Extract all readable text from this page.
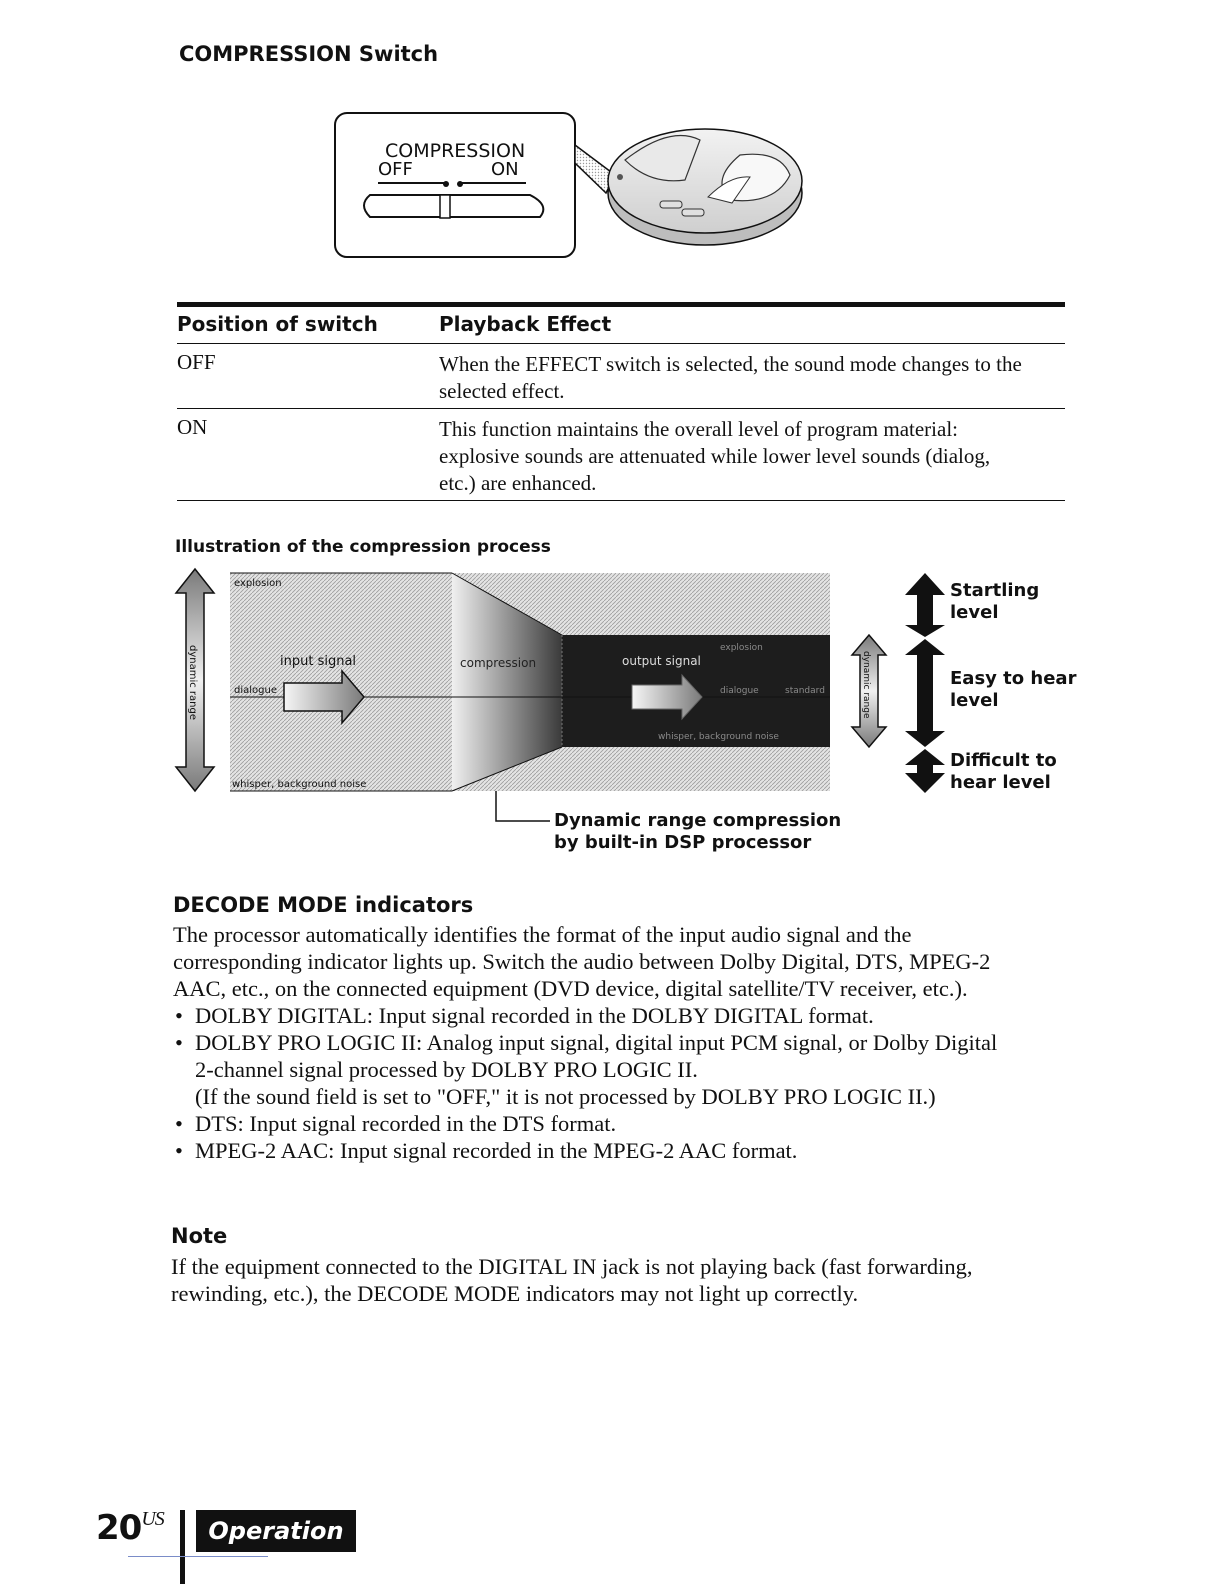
COMPRESSION Switch
COMPRESSION
OFF	ON
Position of switch	Playback Effect
OFF	When the EFFECT switch is selected, the sound mode changes to the
selected effect.
ON	This function maintains the overall level of program material:
explosive sounds are attenuated while lower level sounds (dialog,
etc.) are enhanced.
Illustration of the compression process
dynamic range
explosion
input signal
dialogue
whisper, background noise
compression	output signal
explosion
dialogue	standard
whisper, background noise
dynamic range
Startling
level
Easy to hear
level
Difficult to
hear level
Dynamic range compression
by built-in DSP processor
DECODE MODE indicators
The processor automatically identifies the format of the input audio signal and the
corresponding indicator lights up. Switch the audio between Dolby Digital, DTS, MPEG-2
AAC, etc., on the connected equipment (DVD device, digital satellite/TV receiver, etc.).
• DOLBY DIGITAL: Input signal recorded in the DOLBY DIGITAL format.
• DOLBY PRO LOGIC II: Analog input signal, digital input PCM signal, or Dolby Digital
2-channel signal processed by DOLBY PRO LOGIC II.
(If the sound field is set to "OFF," it is not processed by DOLBY PRO LOGIC II.)
• DTS: Input signal recorded in the DTS format.
• MPEG-2 AAC: Input signal recorded in the MPEG-2 AAC format.
Note
If the equipment connected to the DIGITAL IN jack is not playing back (fast forwarding,
rewinding, etc.), the DECODE MODE indicators may not light up correctly.
$20^{US}$	Operation
